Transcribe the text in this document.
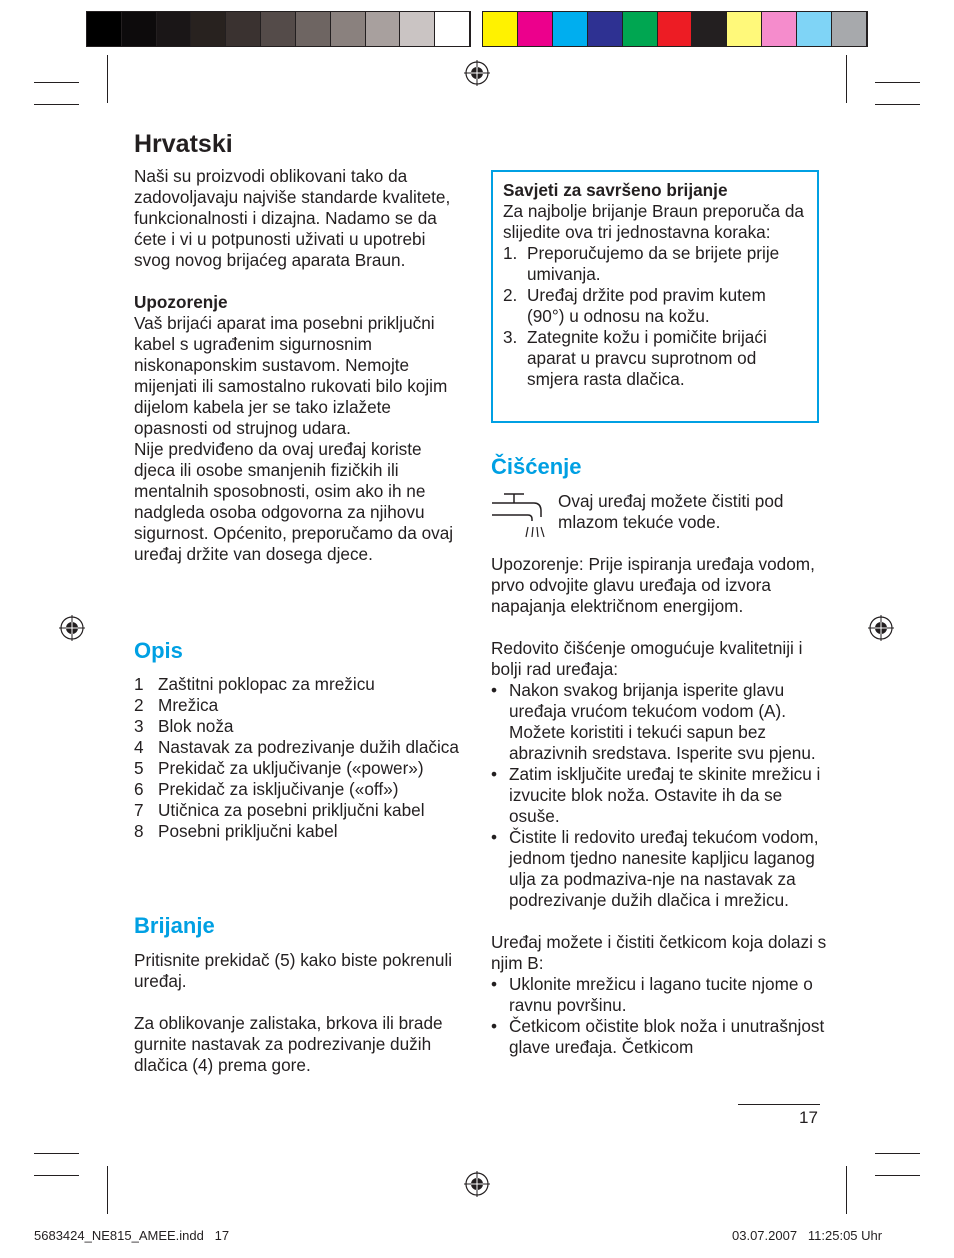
Hrvatski

Naši su proizvodi oblikovani tako da zadovoljavaju najviše standarde kvalitete, funkcionalnosti i dizajna. Nadamo se da ćete i vi u potpunosti uživati u upotrebi svog novog brijaćeg aparata Braun.

Upozorenje

Vaš brijaći aparat ima posebni priključni kabel s ugrađenim sigurnosnim niskonaponskim sustavom. Nemojte mijenjati ili samostalno rukovati bilo kojim dijelom kabela jer se tako izlažete opasnosti od strujnog udara.

Nije predviđeno da ovaj uređaj koriste djeca ili osobe smanjenih fizičkih ili mentalnih sposobnosti, osim ako ih ne nadgleda osoba odgovorna za njihovu sigurnost. Općenito, preporučamo da ovaj uređaj držite van dosega djece.

Opis
1 Zaštitni poklopac za mrežicu
2 Mrežica
3 Blok noža
4 Nastavak za podrezivanje dužih dlačica
5 Prekidač za uključivanje («power»)
6 Prekidač za isključivanje («off»)
7 Utičnica za posebni priključni kabel
8 Posebni priključni kabel
Brijanje

Pritisnite prekidač (5) kako biste pokrenuli uređaj.

Za oblikovanje zalistaka, brkova ili brade gurnite nastavak za podrezivanje dužih dlačica (4) prema gore.

Savjeti za savršeno brijanje

Za najbolje brijanje Braun preporuča da slijedite ova tri jednostavna koraka:

1. Preporučujemo da se brijete prije umivanja.
2. Uređaj držite pod pravim kutem (90°) u odnosu na kožu.
3. Zategnite kožu i pomičite brijaći aparat u pravcu suprotnom od smjera rasta dlačica.
Čišćenje

Ovaj uređaj možete čistiti pod mlazom tekuće vode.

Upozorenje: Prije ispiranja uređaja vodom, prvo odvojite glavu uređaja od izvora napajanja električnom energijom.

Redovito čišćenje omogućuje kvalitetniji i bolji rad uređaja:

• Nakon svakog brijanja isperite glavu uređaja vrućom tekućom vodom (A). Možete koristiti i tekući sapun bez abrazivnih sredstava. Isperite svu pjenu.
• Zatim isključite uređaj te skinite mrežicu i izvucite blok noža. Ostavite ih da se osuše.
• Čistite li redovito uređaj tekućom vodom, jednom tjedno nanesite kapljicu laganog ulja za podmaziva-nje na nastavak za podrezivanje dužih dlačica i mrežicu.

Uređaj možete i čistiti četkicom koja dolazi s njim B:

• Uklonite mrežicu i lagano tucite njome o ravnu površinu.
• Četkicom očistite blok noža i unutrašnjost glave uređaja. Četkicom
17
5683424_NE815_AMEE.indd   17	03.07.2007   11:25:05 Uhr
